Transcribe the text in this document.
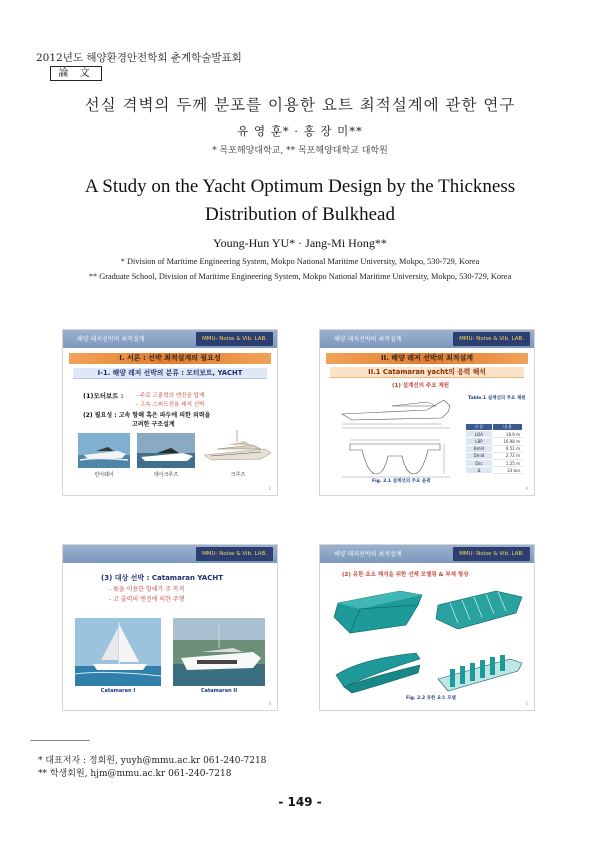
2012년도 해양환경안전학회 춘계학술발표회
論 文
선실 격벽의 두께 분포를 이용한 요트 최적설계에 관한 연구
유 영 훈* · 홍 장 미**
* 목포해양대학교, ** 목포해양대학교 대학원
A Study on the Yacht Optimum Design by the Thickness
Distribution of Bulkhead
Young-Hun YU* · Jang-Mi Hong**
* Division of Maritime Engineering System, Mokpo National Maritime University, Mokpo, 530-729, Korea
** Graduate School, Division of Maritime Engineering System, Mokpo National Maritime University, Mokpo, 530-729, Korea
해양 레저선박의 최적설계	MMU- Noise & Vib. LAB.
I. 서론 : 선박 최적설계의 필요성
I-1. 해양 레저 선박의 분류 : 모터보트, YACHT
(1)모터보트 : - 주로 고출력의 엔진을 탑재
- 고속 스피드전용 레저 선박
(2) 필요성 : 고속 항해 혹은 파두에 의한 외력을
고려한 구조설계
런어웨이	데이크루즈	크루즈
2
해양 레저선박의 최적설계	MMU- Noise & Vib. LAB.
II. 해양 레저 선박의 최적설계
II.1 Catamaran yacht의 응력 해석
(1) 설계선의 주요 제원
Fig. 2.1 설계선의 주요 윤곽
Table.1 설계선의 주요 제원
구 분	내 용
LOA	18.9 m
LBP	16.98 m
Bmld	9.51 m
Dmld	2.72 m
Dsc	1.25 m
Δ	33 ton
4
MMU- Noise & Vib. LAB.
(3) 대상 선박 : Catamaran YACHT
- 돛을 이용한 항해가 주 목적
- 고 출력의 엔진에 의한 주행
Catamaran I	Catamaran II
3
해양 레저선박의 최적설계	MMU- Noise & Vib. LAB.
(2) 유한 요소 해석을 위한 선체 모델링 & 부재 형상
Fig. 2.2 유한 요소 모델
5
* 대표저자 : 정회원, yuyh@mmu.ac.kr 061-240-7218
** 학생회원, hjm@mmu.ac.kr 061-240-7218
- 149 -
